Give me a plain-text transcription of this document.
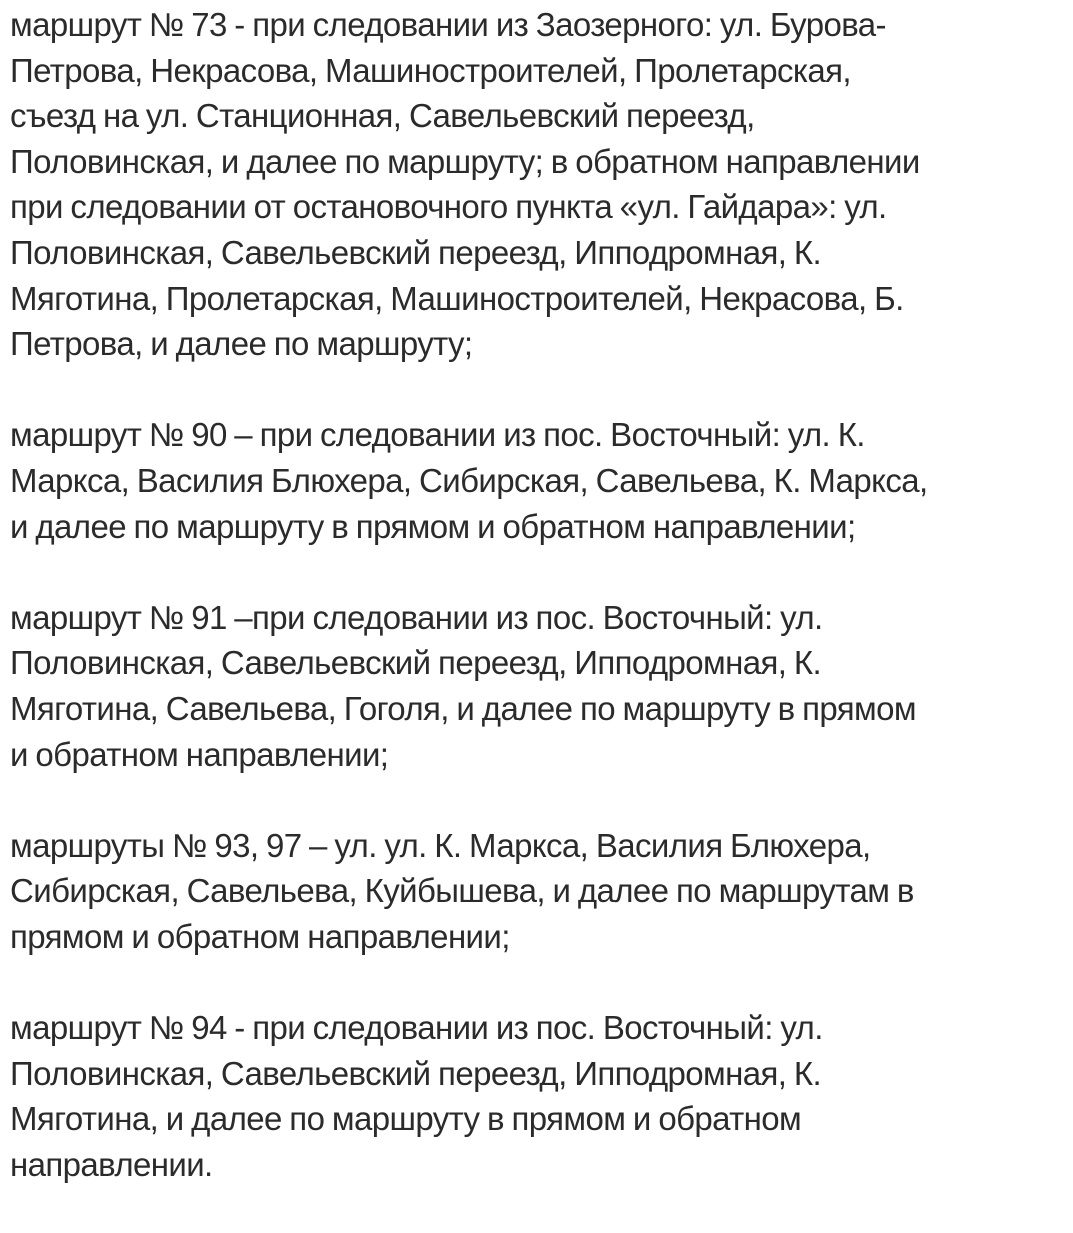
маршрут № 73 - при следовании из Заозерного: ул. Бурова-
Петрова, Некрасова, Машиностроителей, Пролетарская,
съезд на ул. Станционная, Савельевский переезд,
Половинская, и далее по маршруту; в обратном направлении
при следовании от остановочного пункта «ул. Гайдара»: ул.
Половинская, Савельевский переезд, Ипподромная, К.
Мяготина, Пролетарская, Машиностроителей, Некрасова, Б.
Петрова, и далее по маршруту;

маршрут № 90 – при следовании из пос. Восточный: ул. К.
Маркса, Василия Блюхера, Сибирская, Савельева, К. Маркса,
и далее по маршруту в прямом и обратном направлении;

маршрут № 91 –при следовании из пос. Восточный: ул.
Половинская, Савельевский переезд, Ипподромная, К.
Мяготина, Савельева, Гоголя, и далее по маршруту в прямом
и обратном направлении;

маршруты № 93, 97 – ул. ул. К. Маркса, Василия Блюхера,
Сибирская, Савельева, Куйбышева, и далее по маршрутам в
прямом и обратном направлении;

маршрут № 94 - при следовании из пос. Восточный: ул.
Половинская, Савельевский переезд, Ипподромная, К.
Мяготина, и далее по маршруту в прямом и обратном
направлении.
